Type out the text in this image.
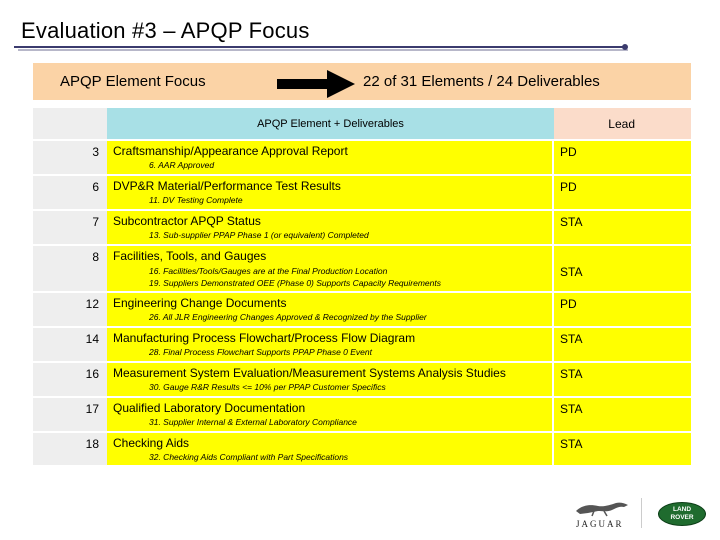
Evaluation #3 – APQP Focus
APQP Element Focus	22 of 31 Elements / 24 Deliverables
APQP Element + Deliverables	Lead
3 Craftsmanship/Appearance Approval Report
6. AAR Approved
PD
6 DVP&R Material/Performance Test Results
11. DV Testing Complete
PD
7 Subcontractor APQP Status
13. Sub-supplier PPAP Phase 1 (or equivalent) Completed
STA
8 Facilities, Tools, and Gauges
16. Facilities/Tools/Gauges are at the Final Production Location
19. Suppliers Demonstrated OEE (Phase 0) Supports Capacity Requirements
STA
12 Engineering Change Documents
26. All JLR Engineering Changes Approved & Recognized by the Supplier
PD
14 Manufacturing Process Flowchart/Process Flow Diagram
28. Final Process Flowchart Supports PPAP Phase 0 Event
STA
16 Measurement System Evaluation/Measurement Systems Analysis Studies
30. Gauge R&R Results <= 10% per PPAP Customer Specifics
STA
17 Qualified Laboratory Documentation
31. Supplier Internal & External Laboratory Compliance
STA
18 Checking Aids
32. Checking Aids Compliant with Part Specifications
STA
JAGUAR
LAND
ROVER
